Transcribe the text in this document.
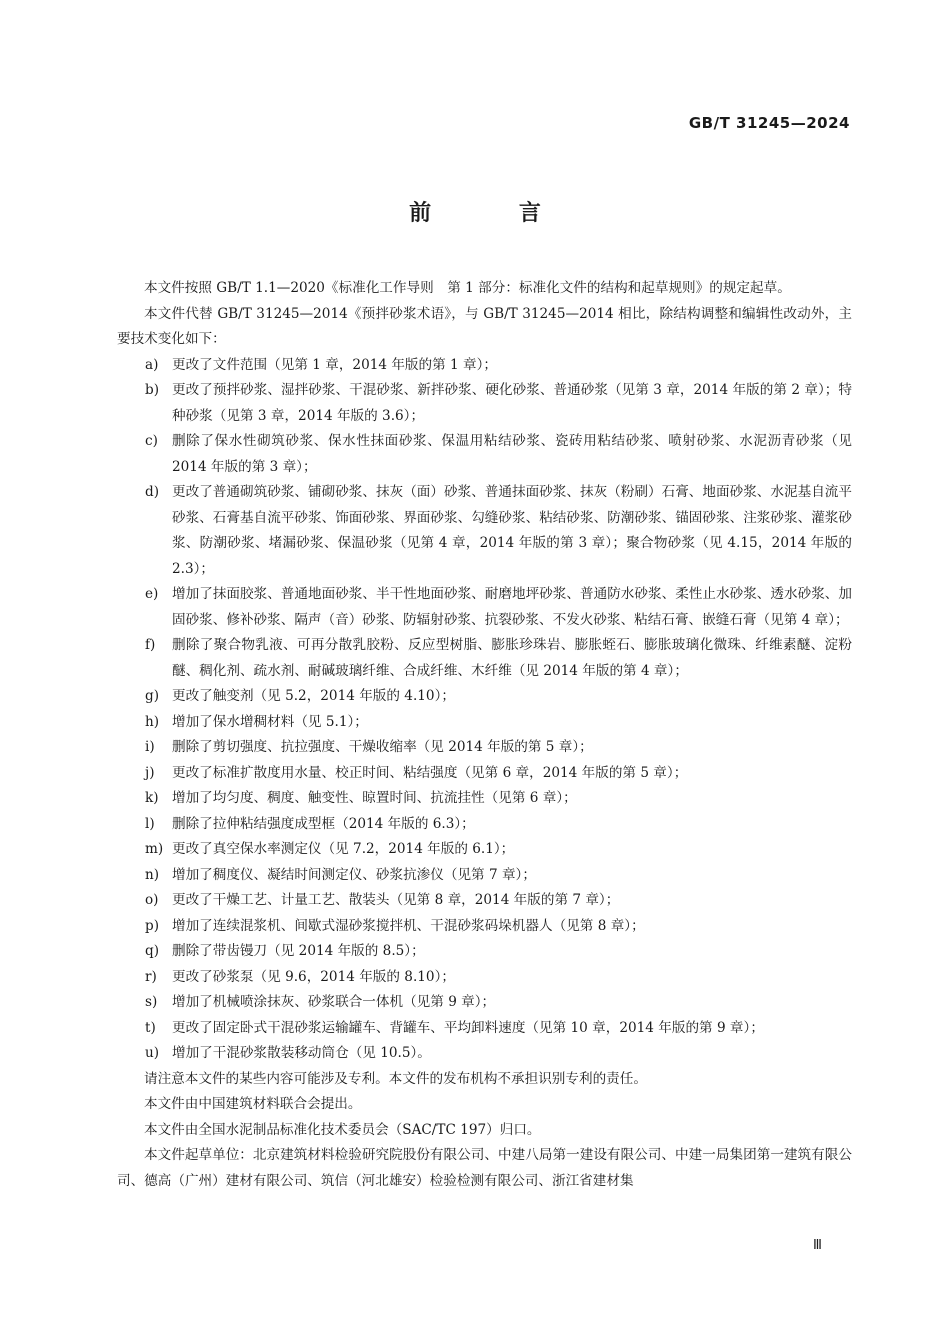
GB/T 31245—2024
前 言

本文件按照 GB/T 1.1—2020《标准化工作导则　第 1 部分：标准化文件的结构和起草规则》的规定起草。

本文件代替 GB/T 31245—2014《预拌砂浆术语》，与 GB/T 31245—2014 相比，除结构调整和编辑性改动外，主要技术变化如下：

a) 更改了文件范围（见第 1 章，2014 年版的第 1 章）；
b) 更改了预拌砂浆、湿拌砂浆、干混砂浆、新拌砂浆、硬化砂浆、普通砂浆（见第 3 章，2014 年版的第 2 章）；特种砂浆（见第 3 章，2014 年版的 3.6）；
c)	删除了保水性砌筑砂浆、保水性抹面砂浆、保温用粘结砂浆、瓷砖用粘结砂浆、喷射砂浆、水泥沥青砂浆（见 2014 年版的第 3 章）；
d) 更改了普通砌筑砂浆、铺砌砂浆、抹灰（面）砂浆、普通抹面砂浆、抹灰（粉刷）石膏、地面砂浆、水泥基自流平砂浆、石膏基自流平砂浆、饰面砂浆、界面砂浆、勾缝砂浆、粘结砂浆、防潮砂浆、锚固砂浆、注浆砂浆、灌浆砂浆、防潮砂浆、堵漏砂浆、保温砂浆（见第 4 章，2014 年版的第 3 章）；聚合物砂浆（见 4.15，2014 年版的 2.3）；
e)	增加了抹面胶浆、普通地面砂浆、半干性地面砂浆、耐磨地坪砂浆、普通防水砂浆、柔性止水砂浆、透水砂浆、加固砂浆、修补砂浆、隔声（音）砂浆、防辐射砂浆、抗裂砂浆、不发火砂浆、粘结石膏、嵌缝石膏（见第 4 章）；
f)	删除了聚合物乳液、可再分散乳胶粉、反应型树脂、膨胀珍珠岩、膨胀蛭石、膨胀玻璃化微珠、纤维素醚、淀粉醚、稠化剂、疏水剂、耐碱玻璃纤维、合成纤维、木纤维（见 2014 年版的第 4 章）；
g) 更改了触变剂（见 5.2，2014 年版的 4.10）；
h) 增加了保水增稠材料（见 5.1）；
i)	删除了剪切强度、抗拉强度、干燥收缩率（见 2014 年版的第 5 章）；
j)	更改了标准扩散度用水量、校正时间、粘结强度（见第 6 章，2014 年版的第 5 章）；
k) 增加了均匀度、稠度、触变性、晾置时间、抗流挂性（见第 6 章）；
l)	删除了拉伸粘结强度成型框（2014 年版的 6.3）；
m) 更改了真空保水率测定仪（见 7.2，2014 年版的 6.1）；
n) 增加了稠度仪、凝结时间测定仪、砂浆抗渗仪（见第 7 章）；
o) 更改了干燥工艺、计量工艺、散装头（见第 8 章，2014 年版的第 7 章）；
p) 增加了连续混浆机、间歇式湿砂浆搅拌机、干混砂浆码垛机器人（见第 8 章）；
q) 删除了带齿镘刀（见 2014 年版的 8.5）；
r)	更改了砂浆泵（见 9.6，2014 年版的 8.10）；
s)	增加了机械喷涂抹灰、砂浆联合一体机（见第 9 章）；
t)	更改了固定卧式干混砂浆运输罐车、背罐车、平均卸料速度（见第 10 章，2014 年版的第 9 章）；
u) 增加了干混砂浆散装移动筒仓（见 10.5）。

请注意本文件的某些内容可能涉及专利。本文件的发布机构不承担识别专利的责任。

本文件由中国建筑材料联合会提出。

本文件由全国水泥制品标准化技术委员会（SAC/TC 197）归口。

本文件起草单位：北京建筑材料检验研究院股份有限公司、中建八局第一建设有限公司、中建一局集团第一建筑有限公司、德高（广州）建材有限公司、筑信（河北雄安）检验检测有限公司、浙江省建材集

Ⅲ
